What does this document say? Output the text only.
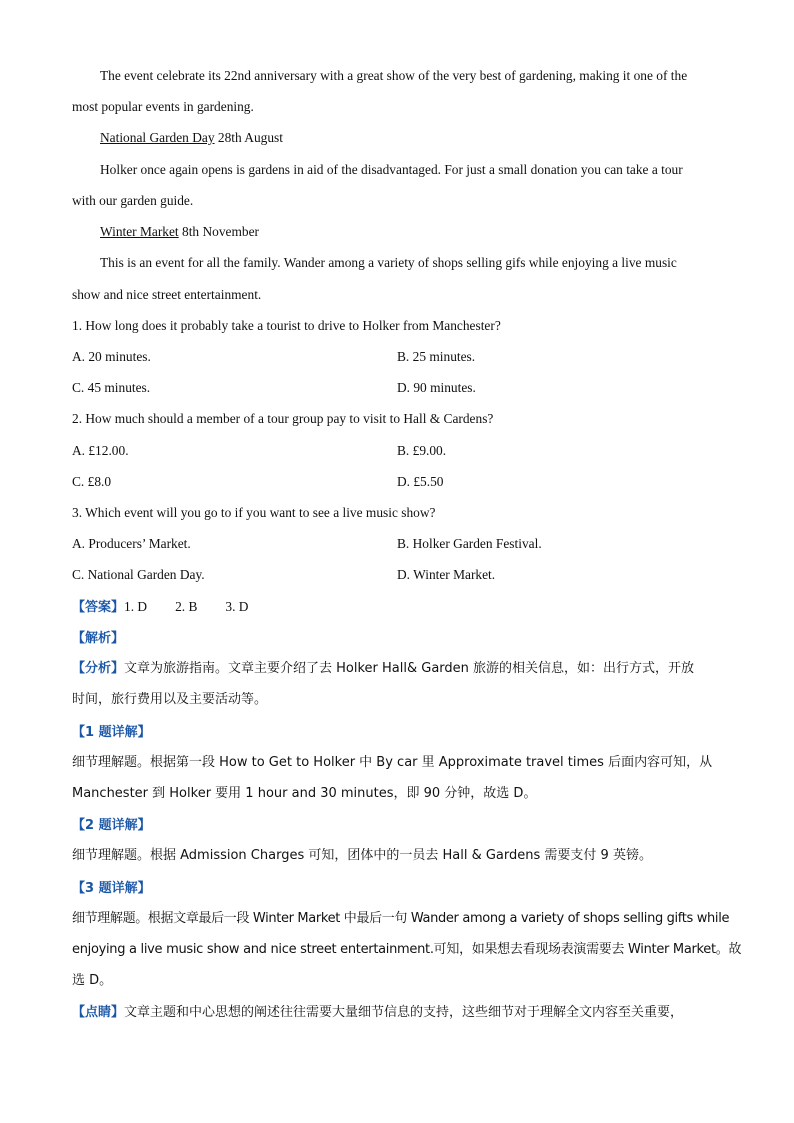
The event celebrate its 22nd anniversary with a great show of the very best of gardening, making it one of the
most popular events in gardening.
National Garden Day 28th August
Holker once again opens is gardens in aid of the disadvantaged. For just a small donation you can take a tour
with our garden guide.
Winter Market 8th November
This is an event for all the family. Wander among a variety of shops selling gifs while enjoying a live music
show and nice street entertainment.
1. How long does it probably take a tourist to drive to Holker from Manchester?
A. 20 minutes.	B. 25 minutes.
C. 45 minutes.	D. 90 minutes.
2. How much should a member of a tour group pay to visit to Hall & Cardens?
A. £12.00.	B. £9.00.
C. £8.0	D. £5.50
3. Which event will you go to if you want to see a live music show?
A. Producers’ Market.	B. Holker Garden Festival.
C. National Garden Day.	D. Winter Market.
【答案】1. D 2. B 3. D
【解析】
【分析】文章为旅游指南。文章主要介绍了去 Holker Hall& Garden 旅游的相关信息，如：出行方式，开放
时间，旅行费用以及主要活动等。
【1 题详解】
细节理解题。根据第一段 How to Get to Holker 中 By car 里 Approximate travel times 后面内容可知，从
Manchester 到 Holker 要用 1 hour and 30 minutes，即 90 分钟，故选 D。
【2 题详解】
细节理解题。根据 Admission Charges 可知，团体中的一员去 Hall & Gardens 需要支付 9 英镑。
【3 题详解】
细节理解题。根据文章最后一段 Winter Market 中最后一句 Wander among a variety of shops selling gifts while
enjoying a live music show and nice street entertainment.可知，如果想去看现场表演需要去 Winter Market。故
选 D。
【点睛】文章主题和中心思想的阐述往往需要大量细节信息的支持，这些细节对于理解全文内容至关重要，
